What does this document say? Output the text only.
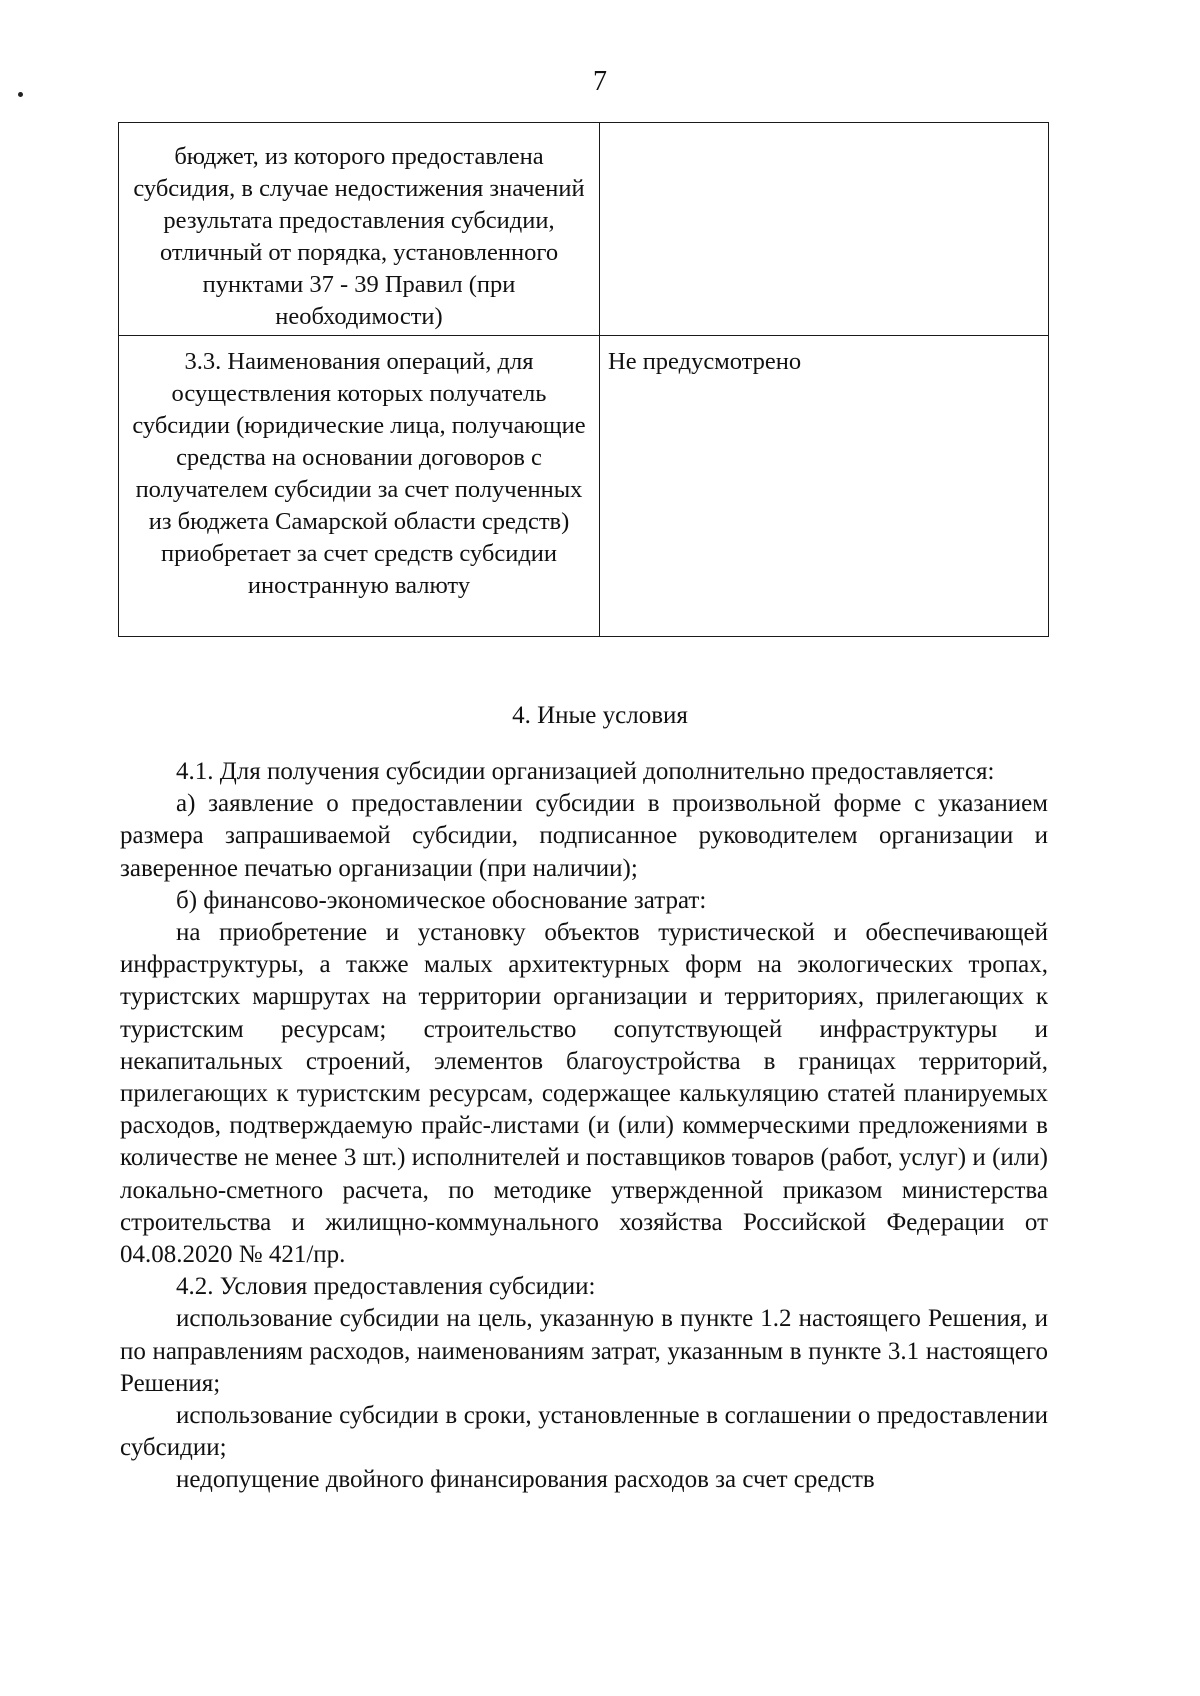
7
бюджет, из которого предоставлена субсидия, в случае недостижения значений результата предоставления субсидии, отличный от порядка, установленного пунктами 37 - 39 Правил (при необходимости)	

3.3. Наименования операций, для осуществления которых получатель субсидии (юридические лица, получающие средства на основании договоров с получателем субсидии за счет полученных из бюджета Самарской области средств) приобретает за счет средств субсидии иностранную валюту	Не предусмотрено
4. Иные условия

4.1. Для получения субсидии организацией дополнительно предоставляется:

а) заявление о предоставлении субсидии в произвольной форме с указанием размера запрашиваемой субсидии, подписанное руководителем организации и заверенное печатью организации (при наличии);

б) финансово-экономическое обоснование затрат:

на приобретение и установку объектов туристической и обеспечивающей инфраструктуры, а также малых архитектурных форм на экологических тропах, туристских маршрутах на территории организации и территориях, прилегающих к туристским ресурсам; строительство сопутствующей инфраструктуры и некапитальных строений, элементов благоустройства в границах территорий, прилегающих к туристским ресурсам, содержащее калькуляцию статей планируемых расходов, подтверждаемую прайс-листами (и (или) коммерческими предложениями в количестве не менее 3 шт.) исполнителей и поставщиков товаров (работ, услуг) и (или) локально-сметного расчета, по методике утвержденной приказом министерства строительства и жилищно-коммунального хозяйства Российской Федерации от 04.08.2020 № 421/пр.

4.2. Условия предоставления субсидии:

использование субсидии на цель, указанную в пункте 1.2 настоящего Решения, и по направлениям расходов, наименованиям затрат, указанным в пункте 3.1 настоящего Решения;

использование субсидии в сроки, установленные в соглашении о предоставлении субсидии;

недопущение двойного финансирования расходов за счет средств
